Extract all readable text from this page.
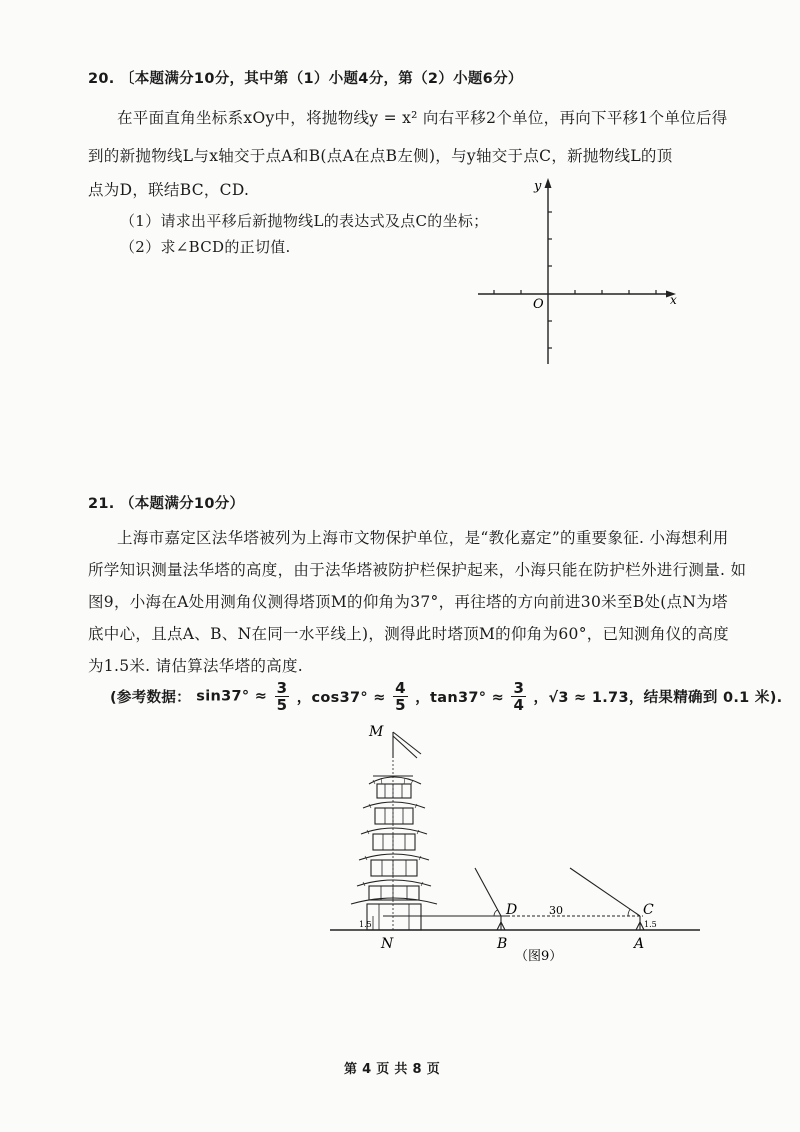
20. 〔本题满分10分，其中第（1）小题4分，第（2）小题6分）
在平面直角坐标系xOy中，将抛物线y = x² 向右平移2个单位，再向下平移1个单位后得
到的新抛物线L与x轴交于点A和B(点A在点B左侧)，与y轴交于点C，新抛物线L的顶
点为D，联结BC，CD.
（1）请求出平移后新抛物线L的表达式及点C的坐标；
（2）求∠BCD的正切值.
y
x
O
21. （本题满分10分）
上海市嘉定区法华塔被列为上海市文物保护单位，是“教化嘉定”的重要象征. 小海想利用
所学知识测量法华塔的高度，由于法华塔被防护栏保护起来，小海只能在防护栏外进行测量. 如
图9，小海在A处用测角仪测得塔顶M的仰角为37°，再往塔的方向前进30米至B处(点N为塔
底中心，且点A、B、N在同一水平线上)，测得此时塔顶M的仰角为60°，已知测角仪的高度
为1.5米. 请估算法华塔的高度.
(参考数据： $\sin 37^\circ \approx \frac{3}{5}$ ，$\cos 37^\circ \approx \frac{4}{5}$ ，$\tan 37^\circ \approx \frac{3}{4}$ ，√3 ≈ 1.73，结果精确到 0.1 米).
M
N	B	A
D	C
30
1.5	1.5
（图9）
第 4 页 共 8 页
